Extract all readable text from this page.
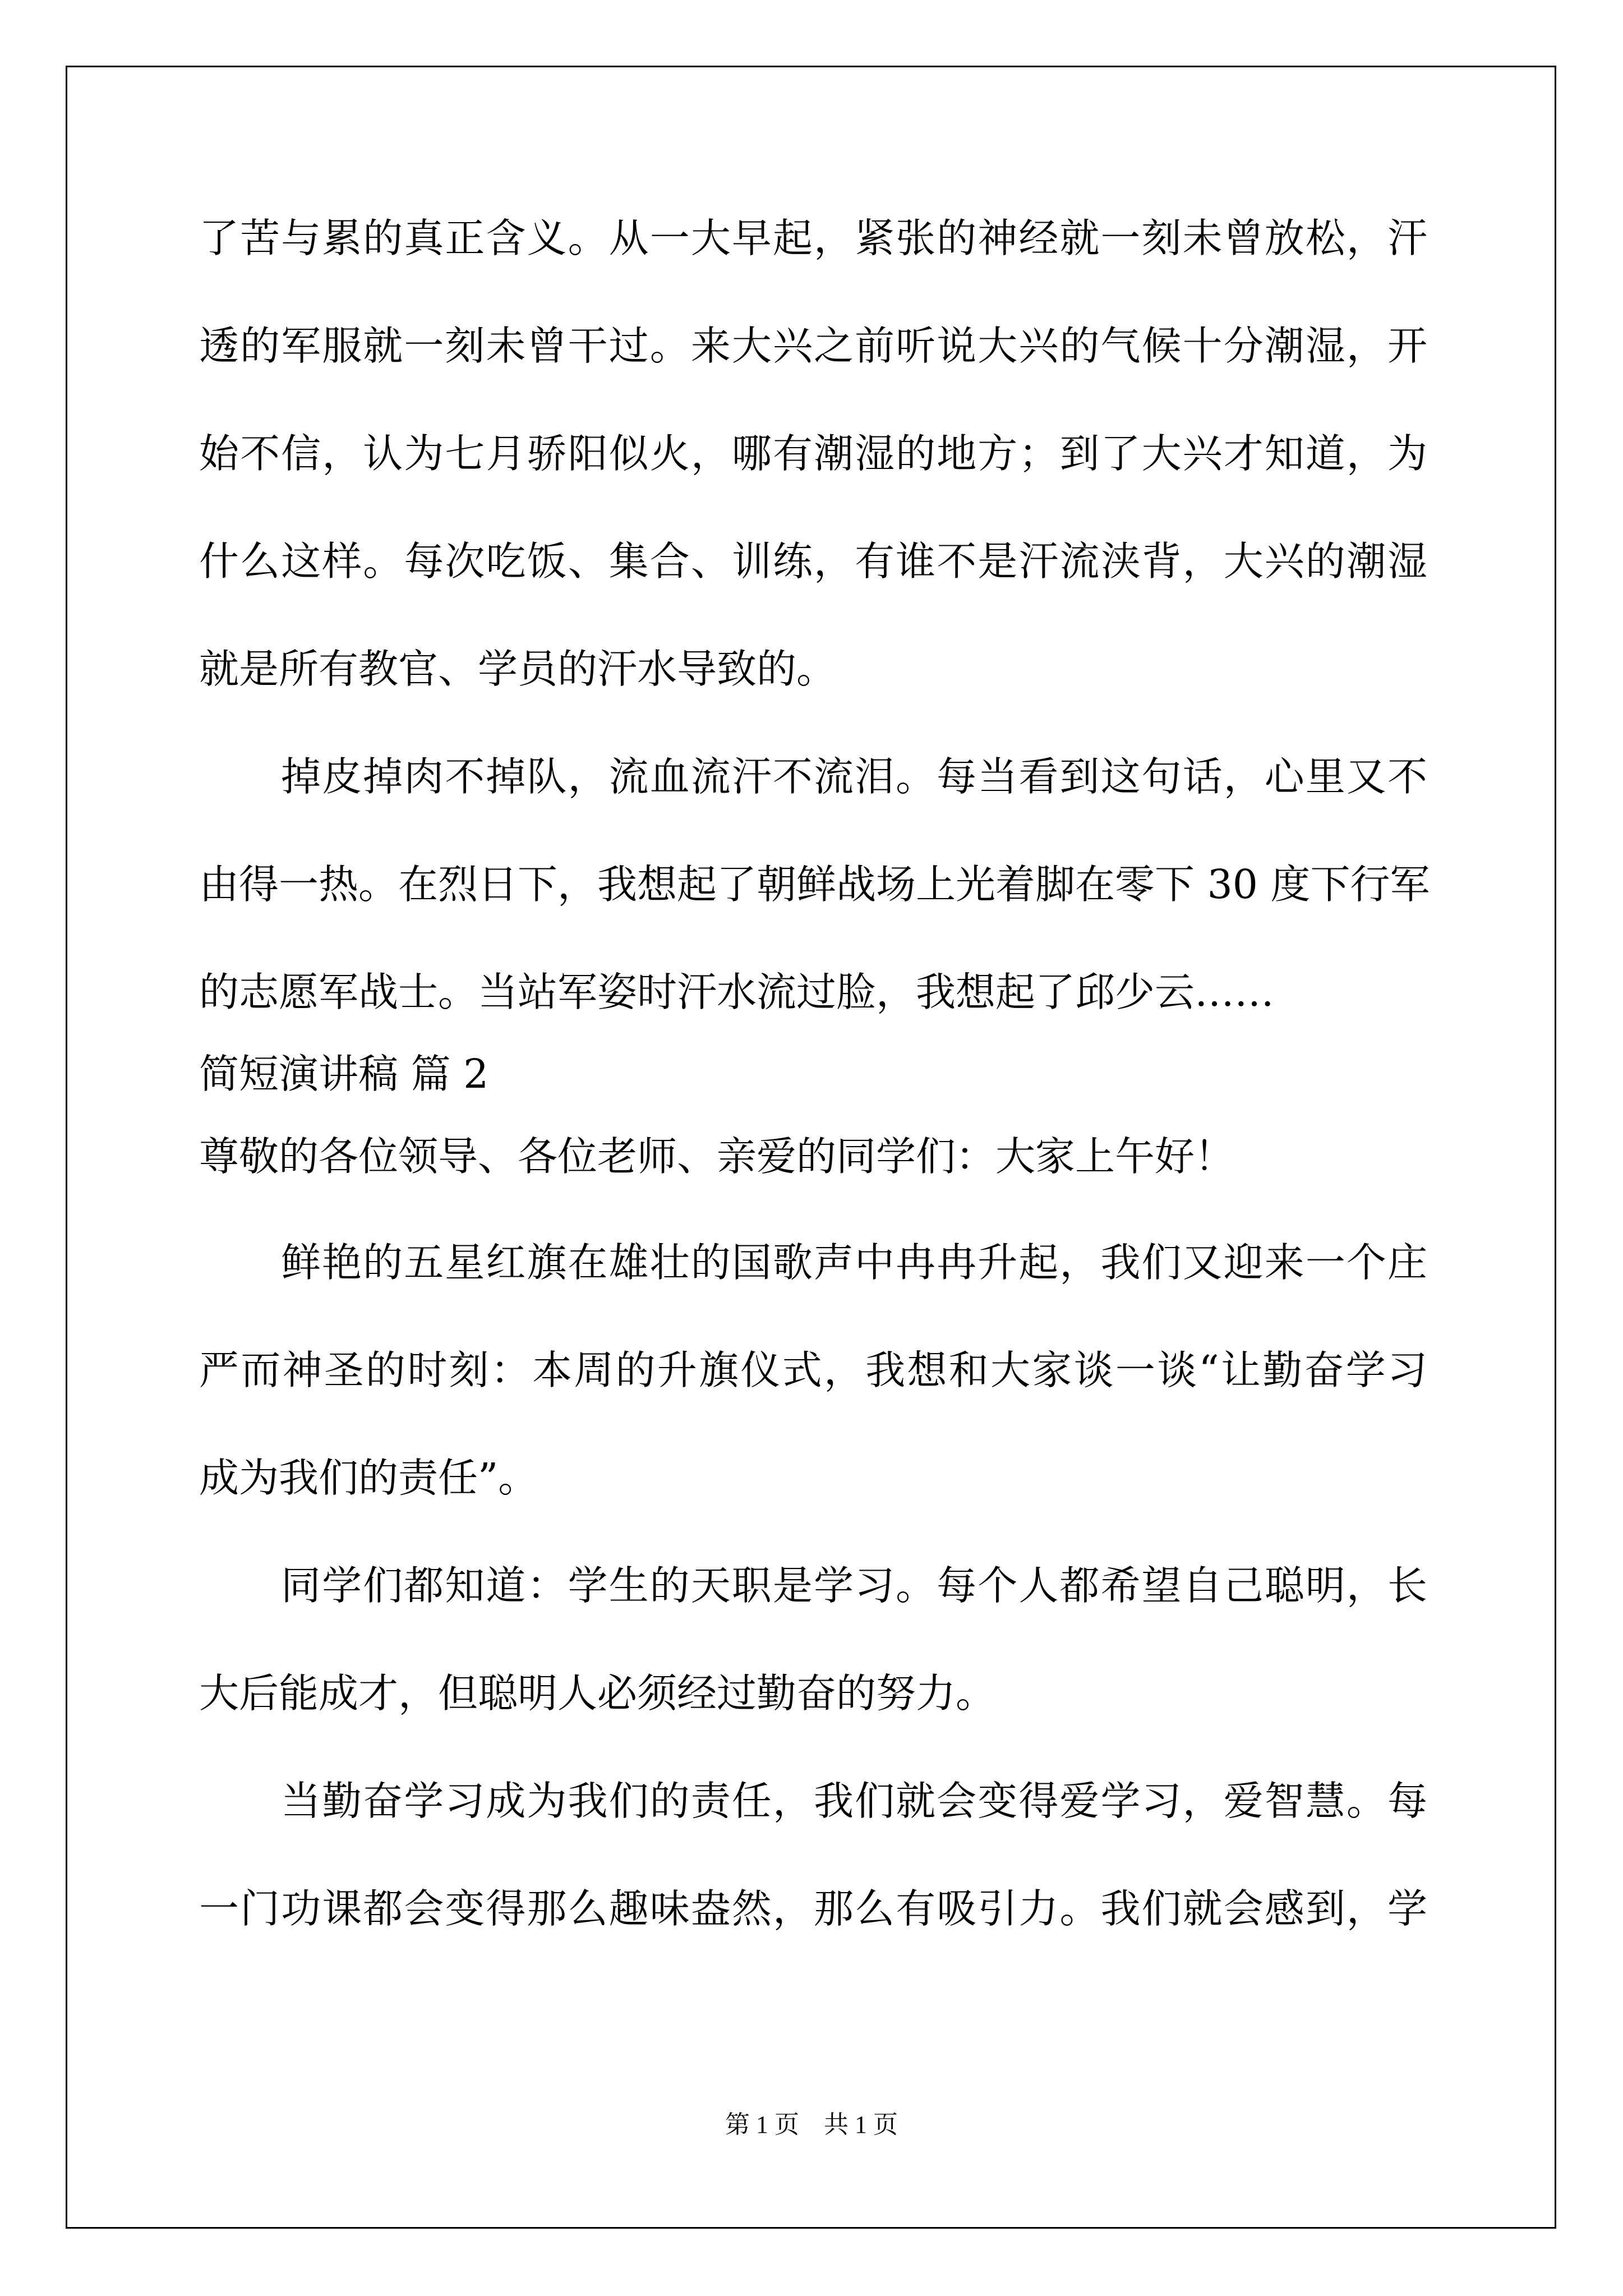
了苦与累的真正含义。从一大早起，紧张的神经就一刻未曾放松，汗
透的军服就一刻未曾干过。来大兴之前听说大兴的气候十分潮湿，开
始不信，认为七月骄阳似火，哪有潮湿的地方；到了大兴才知道，为
什么这样。每次吃饭、集合、训练，有谁不是汗流浃背，大兴的潮湿
就是所有教官、学员的汗水导致的。
掉皮掉肉不掉队，流血流汗不流泪。每当看到这句话，心里又不
由得一热。在烈日下，我想起了朝鲜战场上光着脚在零下 30 度下行军
的志愿军战士。当站军姿时汗水流过脸，我想起了邱少云……
简短演讲稿 篇 2
尊敬的各位领导、各位老师、亲爱的同学们：大家上午好！
鲜艳的五星红旗在雄壮的国歌声中冉冉升起，我们又迎来一个庄
严而神圣的时刻：本周的升旗仪式，我想和大家谈一谈“让勤奋学习
成为我们的责任”。
同学们都知道：学生的天职是学习。每个人都希望自己聪明，长
大后能成才，但聪明人必须经过勤奋的努力。
当勤奋学习成为我们的责任，我们就会变得爱学习，爱智慧。每
一门功课都会变得那么趣味盎然，那么有吸引力。我们就会感到，学
第 1 页　共 1 页
